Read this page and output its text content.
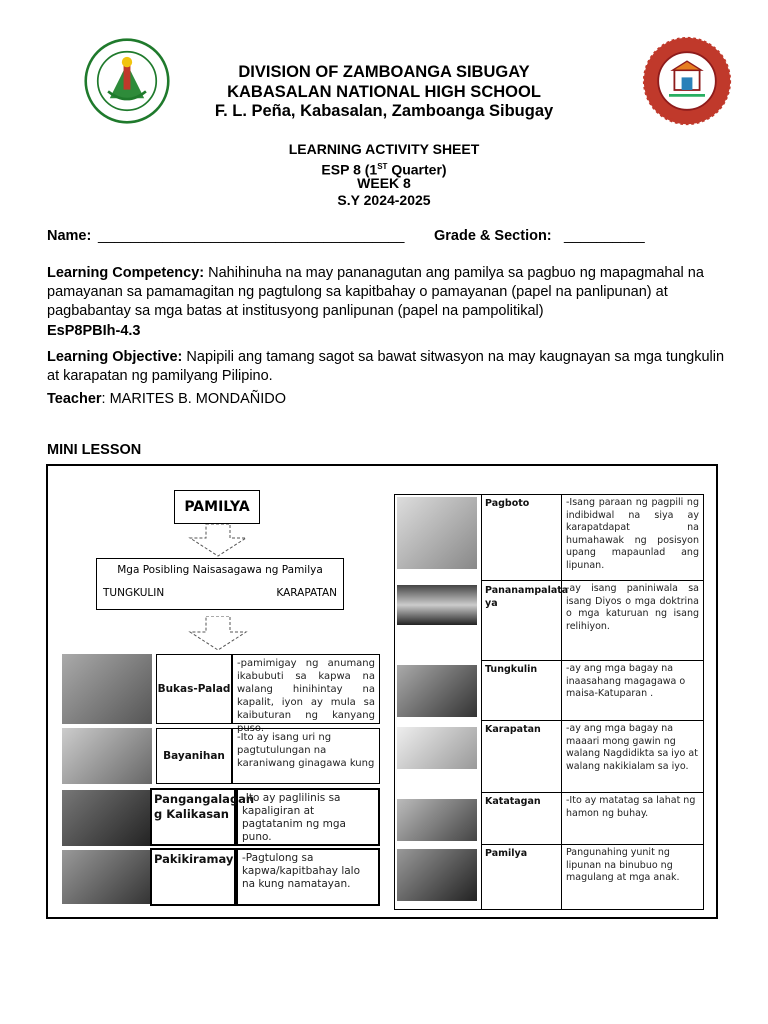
DIVISION OF ZAMBOANGA SIBUGAY
KABASALAN NATIONAL HIGH SCHOOL
F. L. Peña, Kabasalan, Zamboanga Sibugay
LEARNING ACTIVITY SHEET
ESP 8 (1ST Quarter)
WEEK 8
S.Y 2024-2025
Name: ______________________________________ Grade & Section: __________
Learning Competency: Nahihinuha na may pananagutan ang pamilya sa pagbuo ng mapagmahal na pamayanan sa pamamagitan ng pagtulong sa kapitbahay o pamayanan (papel na panlipunan) at pagbabantay sa mga batas at institusyong panlipunan (papel na pampolitikal)
EsP8PBIh-4.3
Learning Objective: Napipili ang tamang sagot sa bawat sitwasyon na may kaugnayan sa mga tungkulin at karapatan ng pamilyang Pilipino.
Teacher: MARITES B. MONDAÑIDO
MINI LESSON
PAMILYA
Mga Posibling Naisasagawa ng Pamilya
TUNGKULIN	KARAPATAN
Bukas-Palad
-pamimigay ng anumang ikabubuti sa kapwa na walang hinihintay na kapalit, iyon ay mula sa kaibuturan ng kanyang puso.
Bayanihan
-Ito ay isang uri ng pagtutulungan na karaniwang ginagawa kung
Pangangalagan g Kalikasan
-Ito ay paglilinis sa kapaligiran at pagtatanim ng mga puno.
Pakikiramay -Pagtulong sa kapwa/kapitbahay lalo na kung namatayan.
Pagboto	-Isang paraan ng pagpili ng indibidwal na siya ay karapatdapat na humahawak ng posisyon upang mapaunlad ang lipunan.
Pananampalata ya
-ay isang paniniwala sa isang Diyos o mga doktrina o mga katuruan ng isang relihiyon.
Tungkulin	-ay ang mga bagay na inaasahang magagawa o maisa-Katuparan .
Karapatan	-ay ang mga bagay na maaari mong gawin ng walang Nagdidikta sa iyo at walang nakikialam sa iyo.
Katatagan	-Ito ay matatag sa lahat ng hamon ng buhay.
Pamilya	Pangunahing yunit ng lipunan na binubuo ng magulang at mga anak.
